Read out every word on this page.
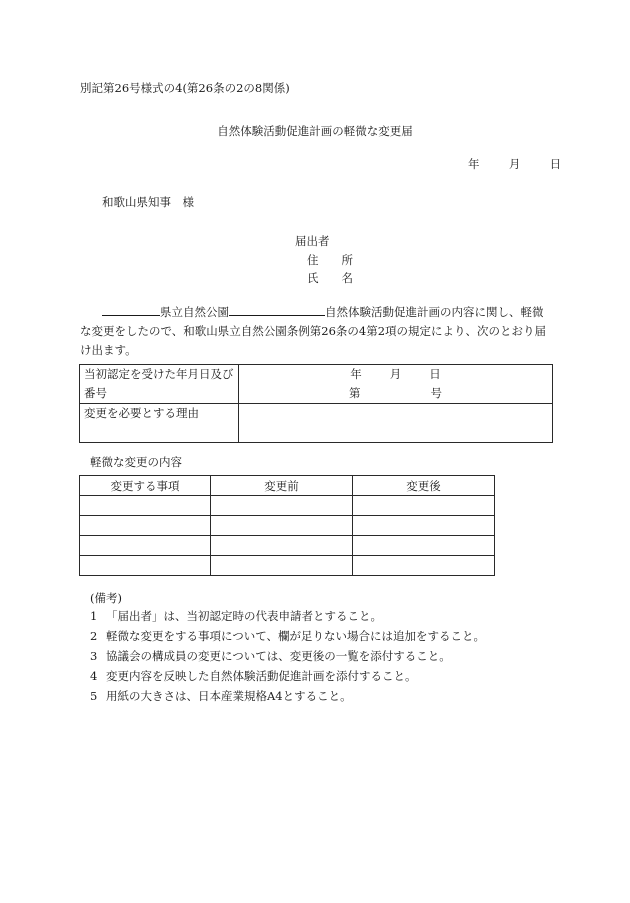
別記第26号様式の4(第26条の2の8関係)
自然体験活動促進計画の軽微な変更届
年	月	日
和歌山県知事　様
届出者
住　　所
氏　　名
県立自然公園	自然体験活動促進計画の内容に関し、軽微な変更をしたので、和歌山県立自然公園条例第26条の4第2項の規定により、次のとおり届け出ます。
当初認定を受けた年月日及び番号	年 月 日
第 号

変更を必要とする理由	
軽微な変更の内容
変更する事項	変更前	変更後

(備考)
1 「届出者」は、当初認定時の代表申請者とすること。
2 軽微な変更をする事項について、欄が足りない場合には追加をすること。
3 協議会の構成員の変更については、変更後の一覧を添付すること。
4 変更内容を反映した自然体験活動促進計画を添付すること。
5 用紙の大きさは、日本産業規格A4とすること。
